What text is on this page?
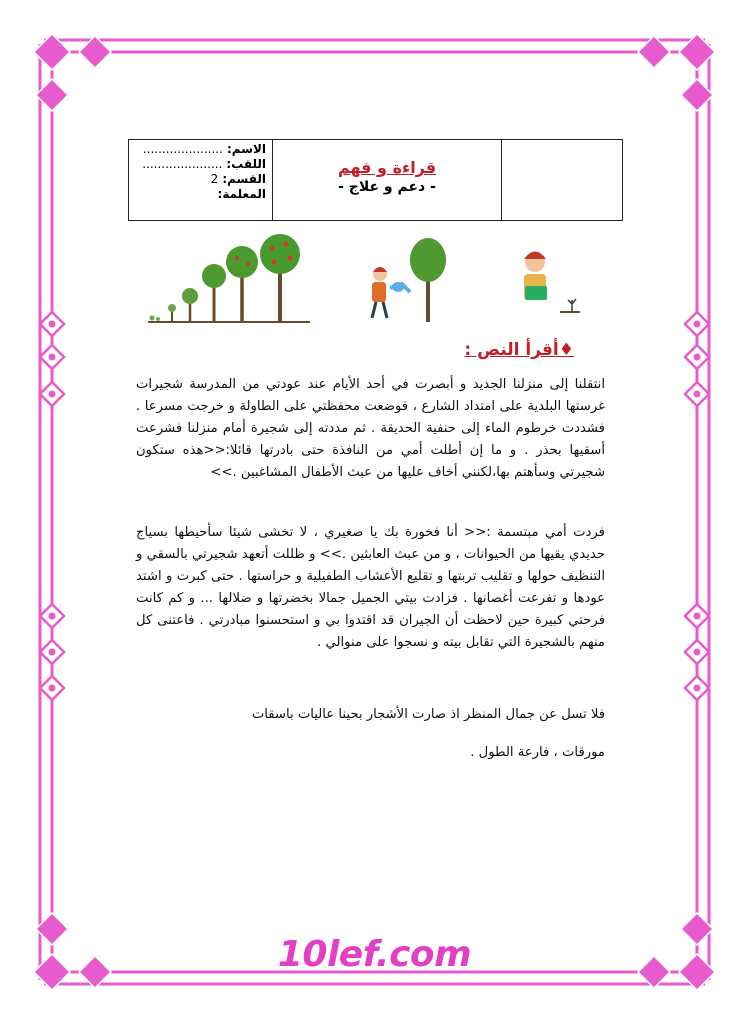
قراءة و فهم
- دعم و علاج -
الاسم:
.....................
اللقب:
.....................
القسم:
2
المعلمة:
♦أقرأ النص :
انتقلنا إلى منزلنا الجديد و أبصرت في أحد الأيام عند عودتي من المدرسة شجيرات غرستها البلدية على امتداد الشارع ، فوضعت محفظتي على الطاولة و خرجت مسرعا . فشددت خرطوم الماء إلى حنفية الحديقة . ثم مددته إلى شجيرة أمام منزلنا فشرعت أسقيها بحذر . و ما إن أطلت أمي من النافذة حتى بادرتها قائلا:<<هذه ستكون شجيرتي وسأهتم بها،لكنني أخاف عليها من عبث الأطفال المشاغبين .>>
فردت أمي مبتسمة :<< أنا فخورة بك يا صغيري ، لا تخشى شيئا سأحيطها بسياج حديدي يقيها من الحيوانات ، و من عبث العابثين .>> و ظللت أتعهد شجيرتي بالسقي و التنظيف حولها و تقليب تربتها و تقليع الأعشاب الطفيلية و حراستها . حتى كبرت و اشتد عودها و تفرعت أغصانها . فزادت بيتي الجميل جمالا بخضرتها و ضلالها ... و كم كانت فرحتي كبيرة حين لاحظت أن الجيران قد اقتدوا بي و استحسنوا مبادرتي . فاعتنى كل منهم بالشجيرة التي تقابل بيته و نسجوا على منوالي .
فلا تسل عن جمال المنظر اذ صارت الأشجار بحينا عاليات باسقات
مورقات ، فارعة الطول .
10lef.com
